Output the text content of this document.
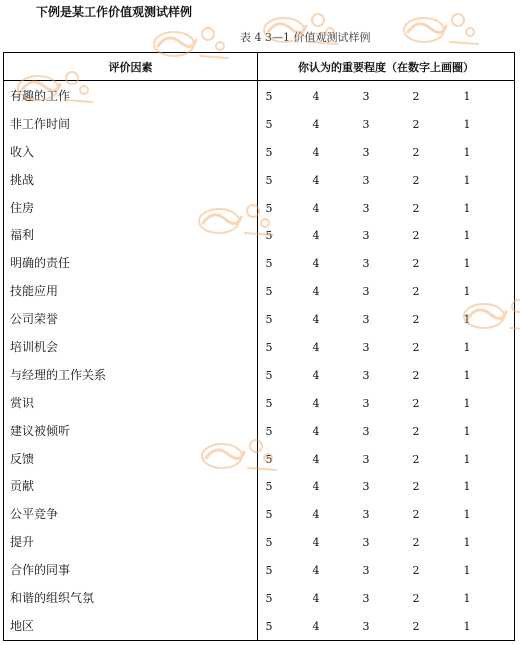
下例是某工作价值观测试样例
表 4 3—1 价值观测试样例
评价因素	你认为的重要程度（在数字上画圈）
有趣的工作	5	4	3	2	1
非工作时间	5	4	3	2	1
收入	5	4	3	2	1
挑战	5	4	3	2	1
住房	5	4	3	2	1
福利	5	4	3	2	1
明确的责任	5	4	3	2	1
技能应用	5	4	3	2	1
公司荣誉	5	4	3	2	1
培训机会	5	4	3	2	1
与经理的工作关系	5	4	3	2	1
赏识	5	4	3	2	1
建议被倾听	5	4	3	2	1
反馈	5	4	3	2	1
贡献	5	4	3	2	1
公平竞争	5	4	3	2	1
提升	5	4	3	2	1
合作的同事	5	4	3	2	1
和谐的组织气氛	5	4	3	2	1
地区	5	4	3	2	1
